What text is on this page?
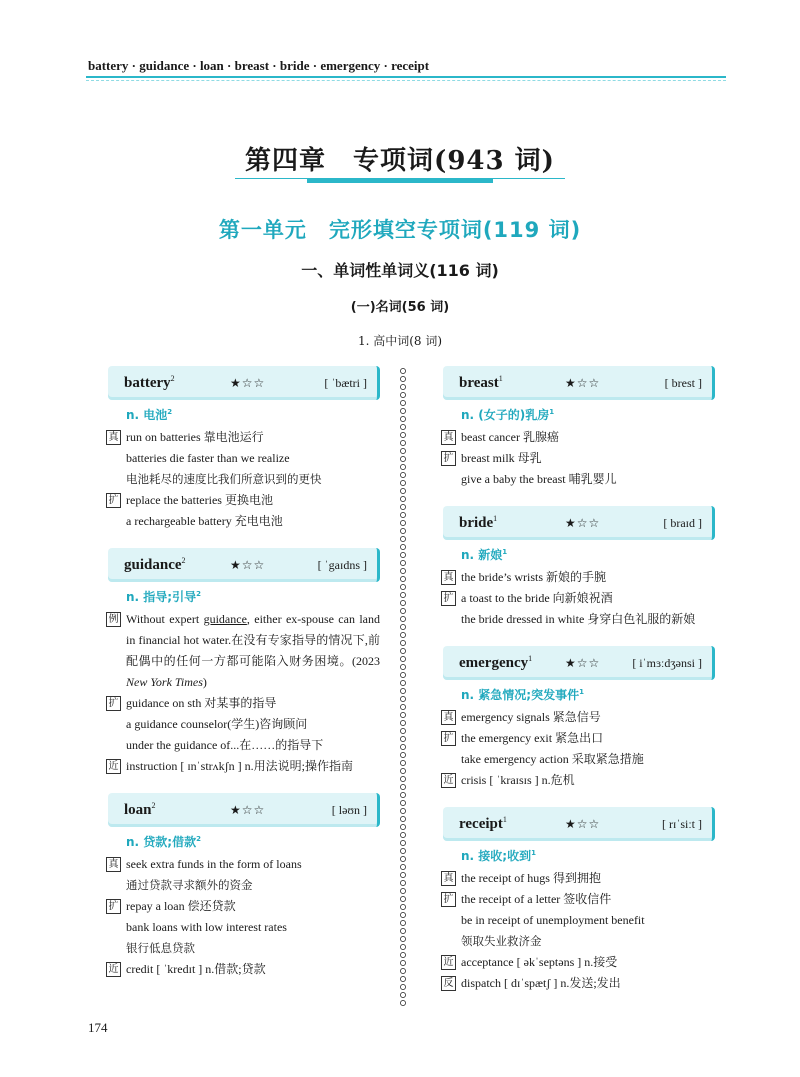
battery · guidance · loan · breast · bride · emergency · receipt
第四章　专项词(943 词)
第一单元　完形填空专项词(119 词)
一、单词性单词义(116 词)
(一)名词(56 词)
1. 高中词(8 词)
battery$^2$	★☆☆	[ ˈbætri ]
n. 电池$^2$
真 run on batteries 靠电池运行
batteries die faster than we realize
电池耗尽的速度比我们所意识到的更快
扩 replace the batteries 更换电池
a rechargeable battery 充电电池
guidance$^2$	★☆☆	[ ˈgaɪdns ]
n. 指导;引导$^2$
例 Without expert guidance, either ex-spouse can land in financial hot water.在没有专家指导的情况下,前配偶中的任何一方都可能陷入财务困境。(2023 New York Times)
扩 guidance on sth 对某事的指导
a guidance counselor(学生)咨询顾问
under the guidance of...在……的指导下
近 instruction [ ɪnˈstrʌkʃn ] n.用法说明;操作指南
loan$^2$	★☆☆	[ ləʊn ]
n. 贷款;借款$^2$
真 seek extra funds in the form of loans
通过贷款寻求额外的资金
扩 repay a loan 偿还贷款
bank loans with low interest rates
银行低息贷款
近 credit [ ˈkredɪt ] n.借款;贷款
breast$^1$	★☆☆	[ brest ]
n. (女子的)乳房$^1$
真 beast cancer 乳腺癌
扩 breast milk 母乳
give a baby the breast 哺乳婴儿
bride$^1$	★☆☆	[ braɪd ]
n. 新娘$^1$
真 the bride’s wrists 新娘的手腕
扩 a toast to the bride 向新娘祝酒
the bride dressed in white 身穿白色礼服的新娘
emergency$^1$	★☆☆	[ iˈmɜːdʒənsi ]
n. 紧急情况;突发事件$^1$
真 emergency signals 紧急信号
扩 the emergency exit 紧急出口
take emergency action 采取紧急措施
近 crisis [ ˈkraɪsɪs ] n.危机
receipt$^1$	★☆☆	[ rɪˈsiːt ]
n. 接收;收到$^1$
真 the receipt of hugs 得到拥抱
扩 the receipt of a letter 签收信件
be in receipt of unemployment benefit
领取失业救济金
近 acceptance [ əkˈseptəns ] n.接受
反 dispatch [ dɪˈspætʃ ] n.发送;发出
174
